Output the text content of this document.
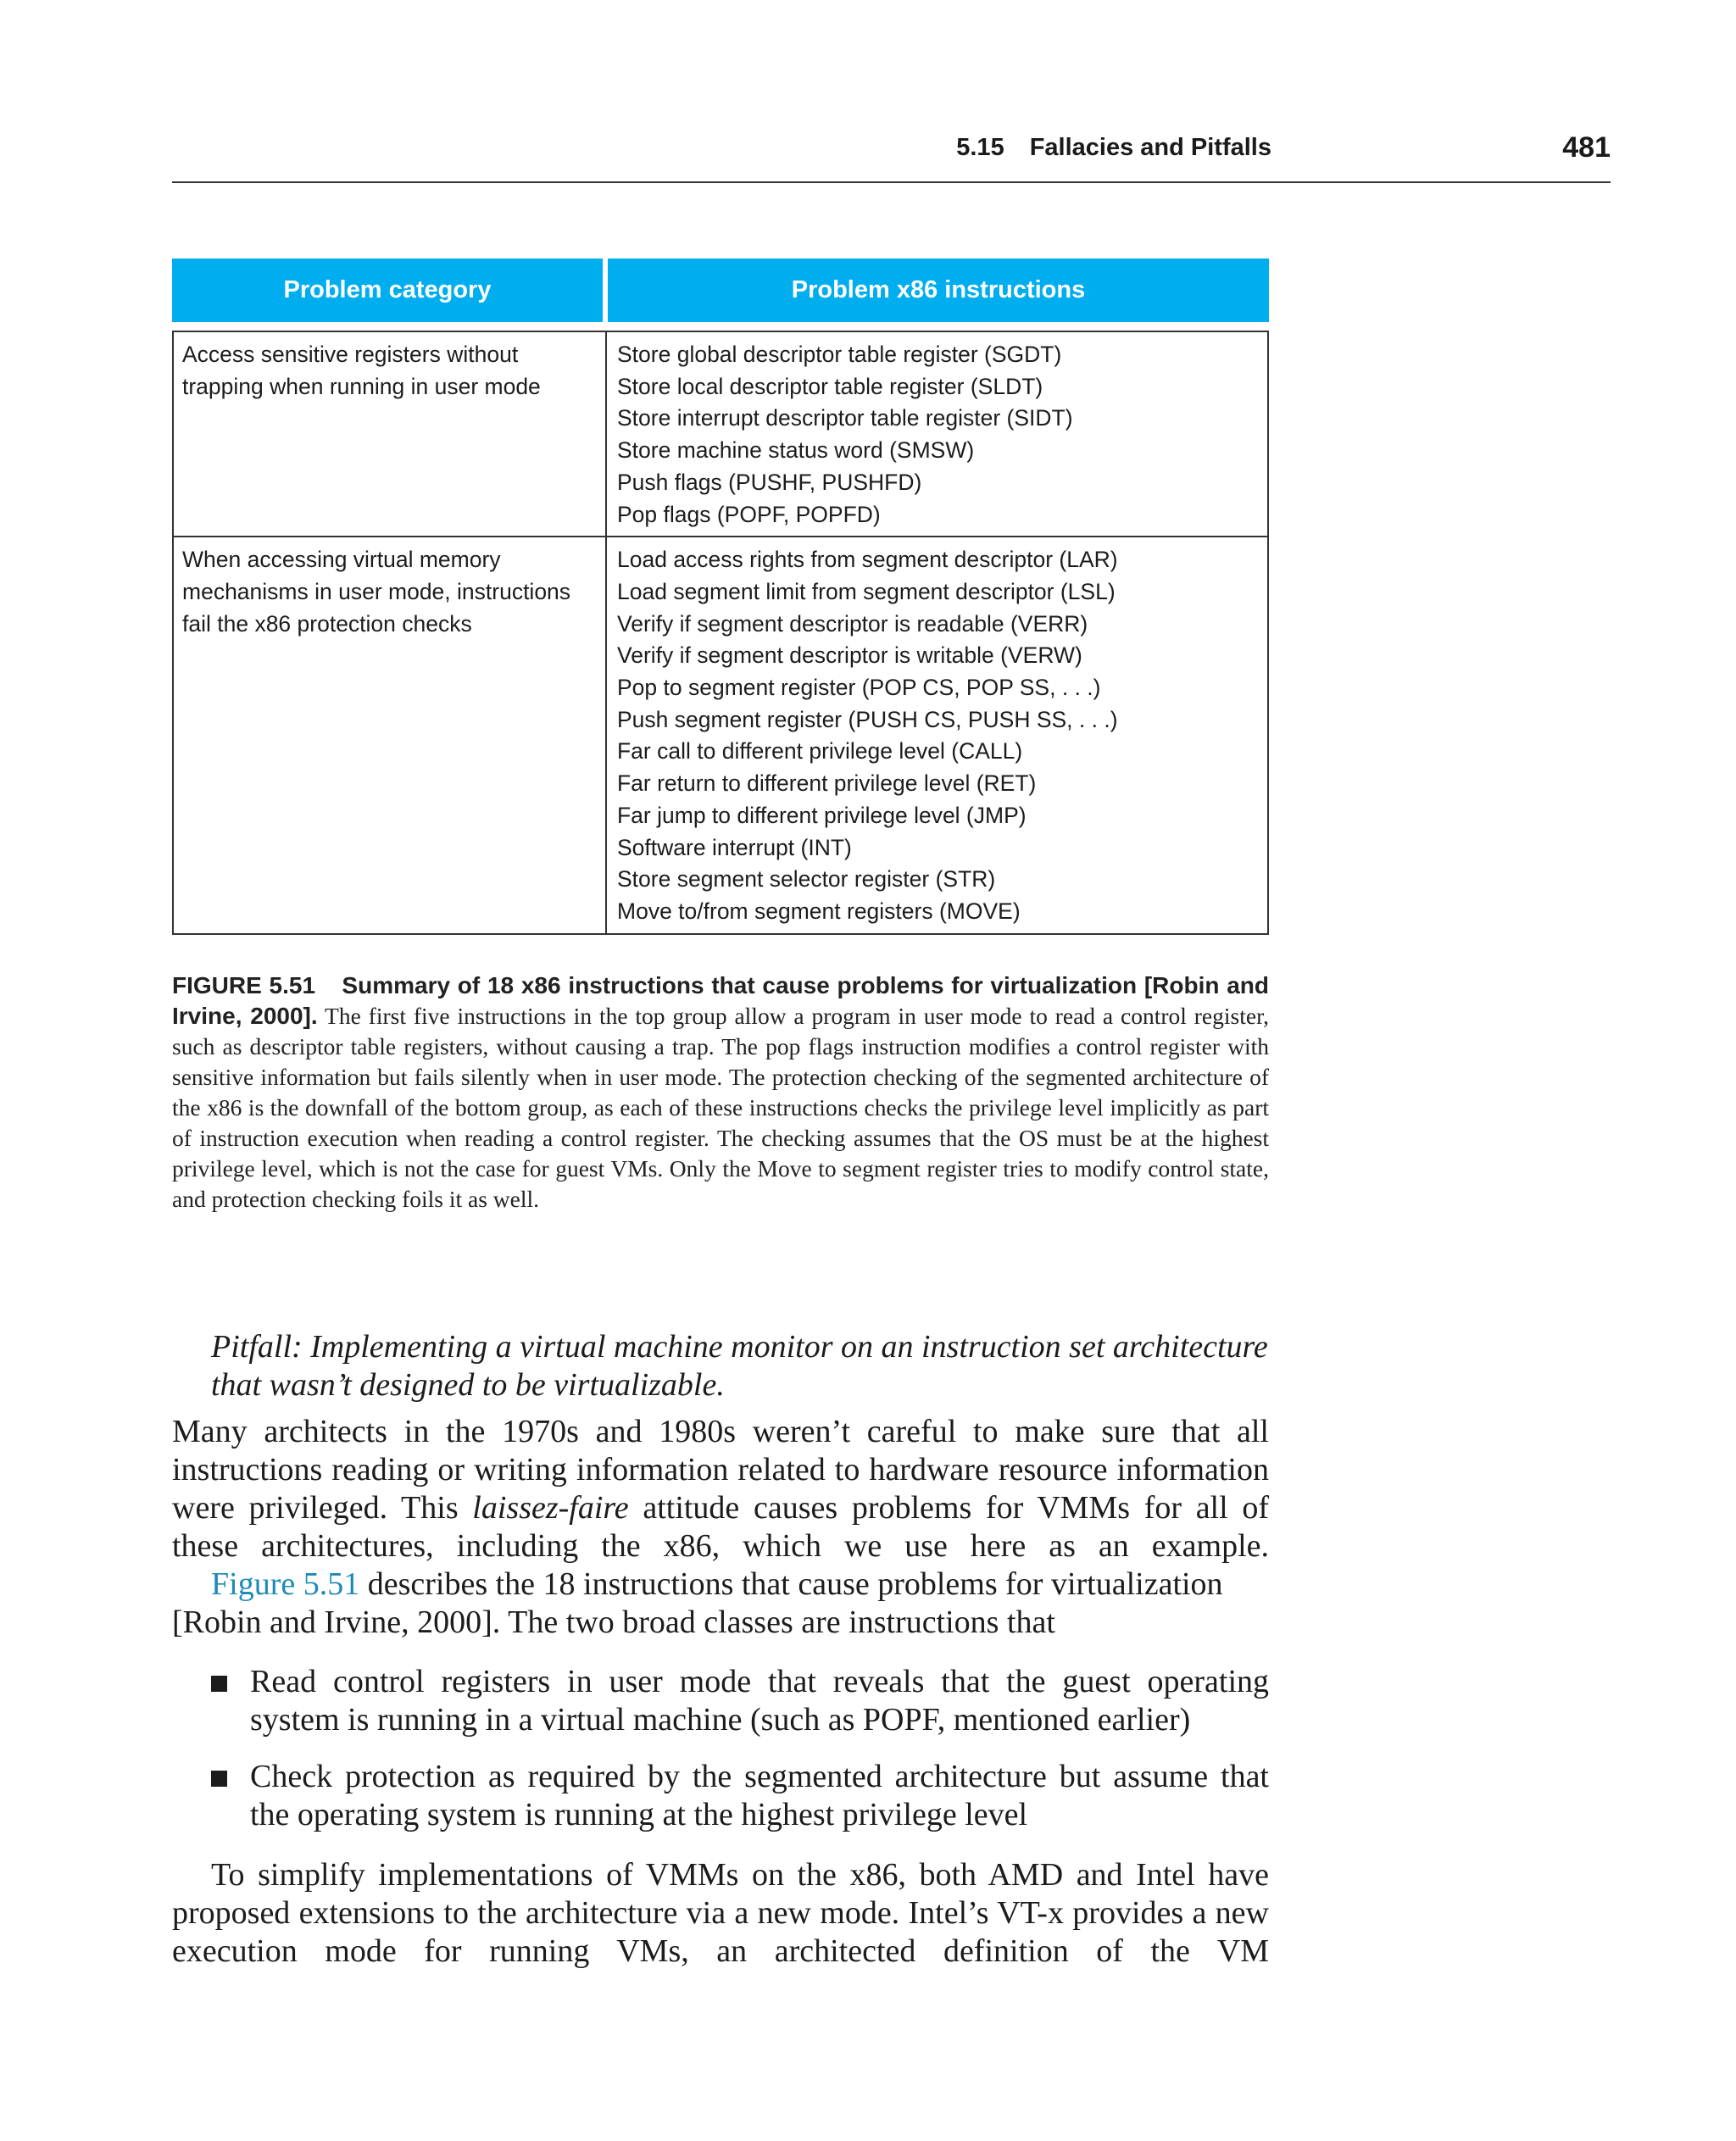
5.15 Fallacies and Pitfalls	481
Problem category	Problem x86 instructions
Access sensitive registers without
trapping when running in user mode
Store global descriptor table register (SGDT)
Store local descriptor table register (SLDT)
Store interrupt descriptor table register (SIDT)
Store machine status word (SMSW)
Push flags (PUSHF, PUSHFD)
Pop flags (POPF, POPFD)
When accessing virtual memory
mechanisms in user mode, instructions
fail the x86 protection checks
Load access rights from segment descriptor (LAR)
Load segment limit from segment descriptor (LSL)
Verify if segment descriptor is readable (VERR)
Verify if segment descriptor is writable (VERW)
Pop to segment register (POP CS, POP SS, . . .)
Push segment register (PUSH CS, PUSH SS, . . .)
Far call to different privilege level (CALL)
Far return to different privilege level (RET)
Far jump to different privilege level (JMP)
Software interrupt (INT)
Store segment selector register (STR)
Move to/from segment registers (MOVE)
FIGURE 5.51 Summary of 18 x86 instructions that cause problems for virtualization [Robin and Irvine, 2000]. The first five instructions in the top group allow a program in user mode to read a control register, such as descriptor table registers, without causing a trap. The pop flags instruction modifies a control register with sensitive information but fails silently when in user mode. The protection checking of the segmented architecture of the x86 is the downfall of the bottom group, as each of these instructions checks the privilege level implicitly as part of instruction execution when reading a control register. The checking assumes that the OS must be at the highest privilege level, which is not the case for guest VMs. Only the Move to segment register tries to modify control state, and protection checking foils it as well.
Pitfall: Implementing a virtual machine monitor on an instruction set architecture that wasn’t designed to be virtualizable.
Many architects in the 1970s and 1980s weren’t careful to make sure that all instructions reading or writing information related to hardware resource information were privileged. This laissez-faire attitude causes problems for VMMs for all of these architectures, including the x86, which we use here as an example.
Figure 5.51 describes the 18 instructions that cause problems for virtualization [Robin and Irvine, 2000]. The two broad classes are instructions that
Read control registers in user mode that reveals that the guest operating system is running in a virtual machine (such as POPF, mentioned earlier)
Check protection as required by the segmented architecture but assume that the operating system is running at the highest privilege level
To simplify implementations of VMMs on the x86, both AMD and Intel have proposed extensions to the architecture via a new mode. Intel’s VT-x provides a new execution mode for running VMs, an architected definition of the VM
